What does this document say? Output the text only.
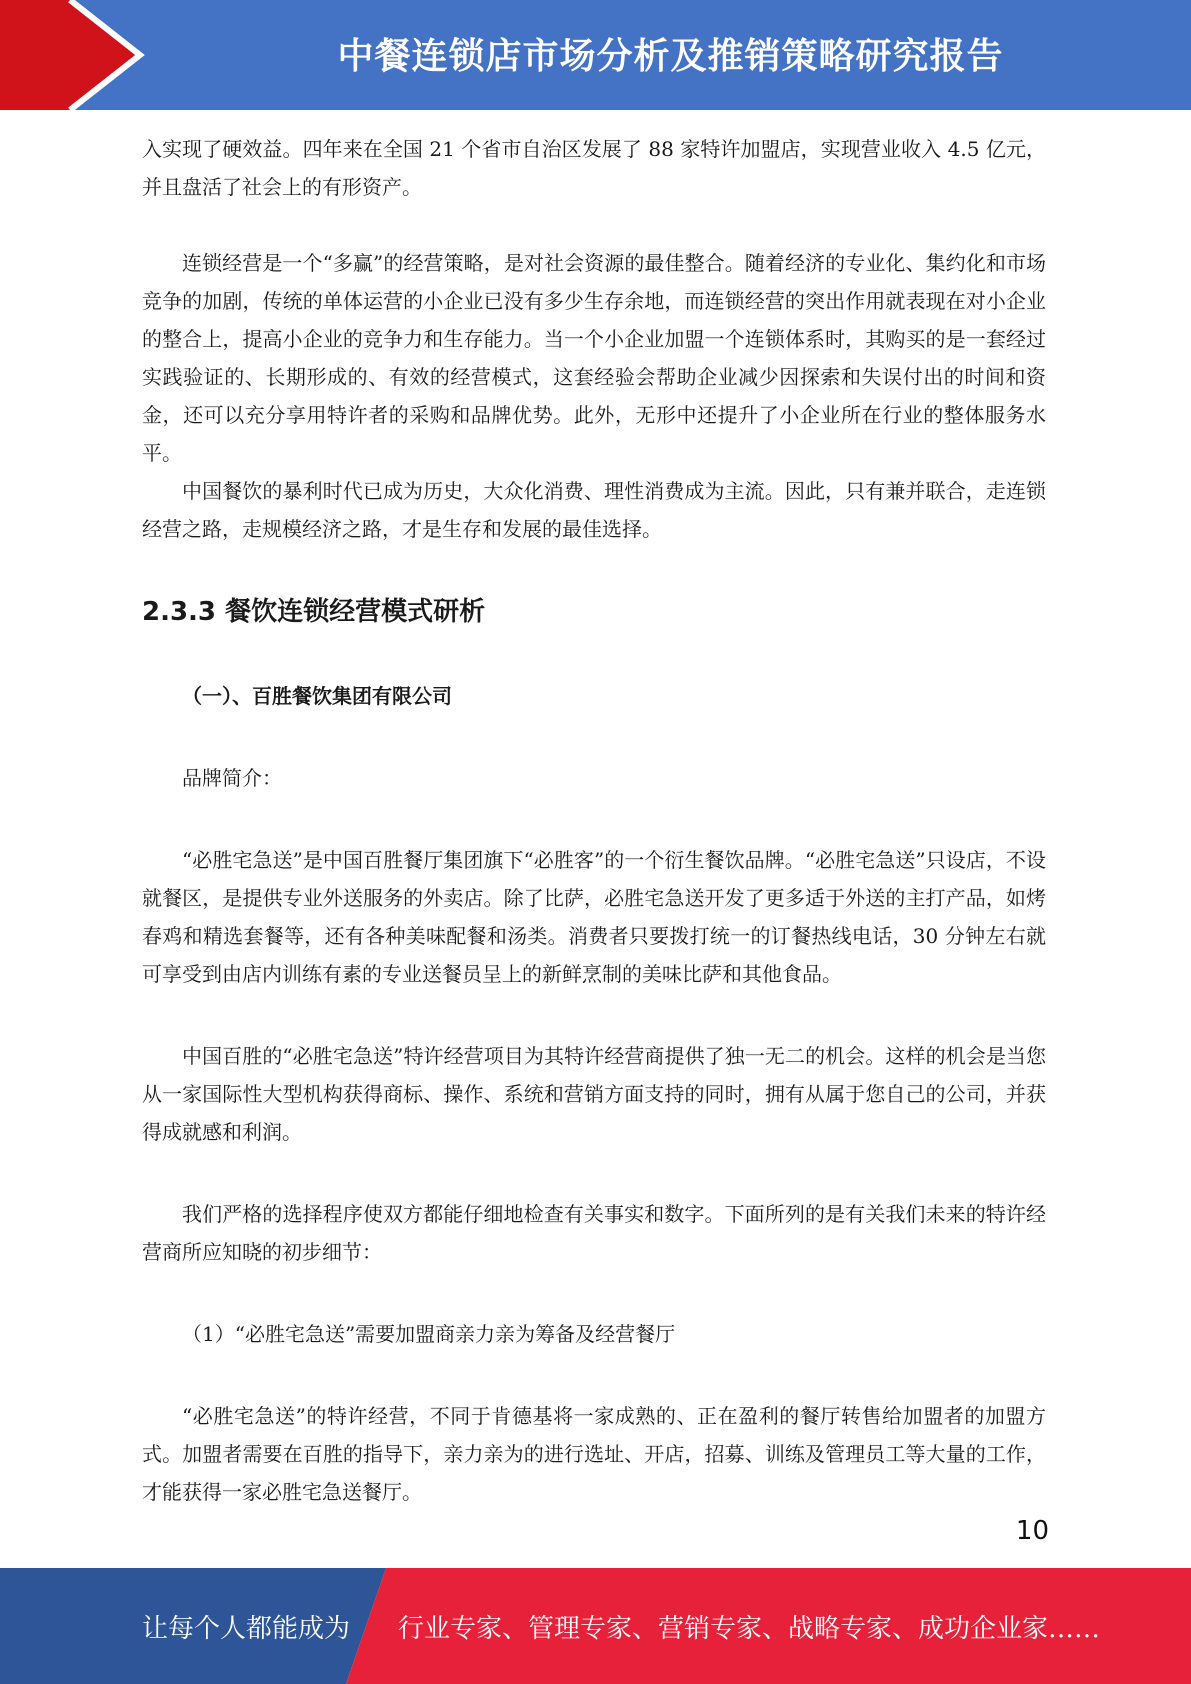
中餐连锁店市场分析及推销策略研究报告

入实现了硬效益。四年来在全国 21 个省市自治区发展了 88 家特许加盟店，实现营业收入 4.5 亿元，并且盘活了社会上的有形资产。

连锁经营是一个“多赢”的经营策略，是对社会资源的最佳整合。随着经济的专业化、集约化和市场竞争的加剧，传统的单体运营的小企业已没有多少生存余地，而连锁经营的突出作用就表现在对小企业的整合上，提高小企业的竞争力和生存能力。当一个小企业加盟一个连锁体系时，其购买的是一套经过实践验证的、长期形成的、有效的经营模式，这套经验会帮助企业减少因探索和失误付出的时间和资金，还可以充分享用特许者的采购和品牌优势。此外，无形中还提升了小企业所在行业的整体服务水平。

中国餐饮的暴利时代已成为历史，大众化消费、理性消费成为主流。因此，只有兼并联合，走连锁经营之路，走规模经济之路，才是生存和发展的最佳选择。

2.3.3 餐饮连锁经营模式研析
（一）、百胜餐饮集团有限公司

品牌简介：

“必胜宅急送”是中国百胜餐厅集团旗下“必胜客”的一个衍生餐饮品牌。“必胜宅急送”只设店，不设就餐区，是提供专业外送服务的外卖店。除了比萨，必胜宅急送开发了更多适于外送的主打产品，如烤春鸡和精选套餐等，还有各种美味配餐和汤类。消费者只要拨打统一的订餐热线电话，30 分钟左右就可享受到由店内训练有素的专业送餐员呈上的新鲜烹制的美味比萨和其他食品。

中国百胜的“必胜宅急送”特许经营项目为其特许经营商提供了独一无二的机会。这样的机会是当您从一家国际性大型机构获得商标、操作、系统和营销方面支持的同时，拥有从属于您自己的公司，并获得成就感和利润。

我们严格的选择程序使双方都能仔细地检查有关事实和数字。下面所列的是有关我们未来的特许经营商所应知晓的初步细节：

（1）“必胜宅急送”需要加盟商亲力亲为筹备及经营餐厅

“必胜宅急送”的特许经营，不同于肯德基将一家成熟的、正在盈利的餐厅转售给加盟者的加盟方式。加盟者需要在百胜的指导下，亲力亲为的进行选址、开店，招募、训练及管理员工等大量的工作，才能获得一家必胜宅急送餐厅。

10
让每个人都能成为 行业专家、管理专家、营销专家、战略专家、成功企业家……
